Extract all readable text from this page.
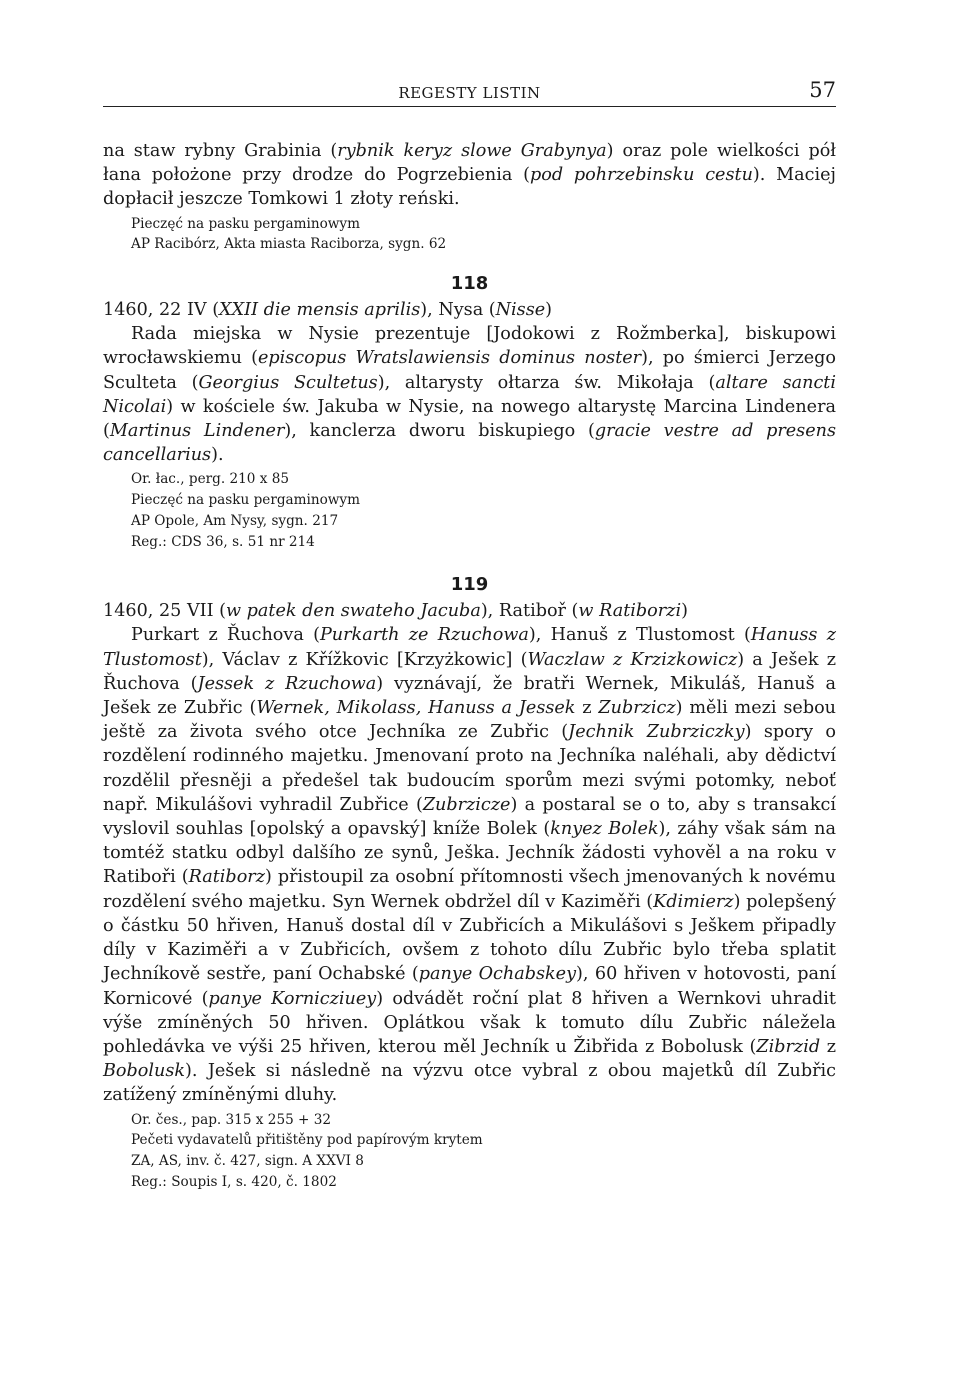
REGESTY LISTIN	57

na staw rybny Grabinia (rybnik keryz slowe Grabynya) oraz pole wielkości pół łana położone przy drodze do Pogrzebienia (pod pohrzebinsku cestu). Maciej dopłacił jeszcze Tomkowi 1 złoty reński.

Pieczęć na pasku pergaminowym
AP Racibórz, Akta miasta Raciborza, sygn. 62
118

1460, 22 IV (XXII die mensis aprilis), Nysa (Nisse)

Rada miejska w Nysie prezentuje [Jodokowi z Rožmberka], biskupowi wrocławskiemu (episcopus Wratslawiensis dominus noster), po śmierci Jerzego Sculteta (Georgius Scultetus), altarysty ołtarza św. Mikołaja (altare sancti Nicolai) w kościele św. Jakuba w Nysie, na nowego altarystę Marcina Lindenera (Martinus Lindener), kanclerza dworu biskupiego (gracie vestre ad presens cancellarius).

Or. łac., perg. 210 x 85
Pieczęć na pasku pergaminowym
AP Opole, Am Nysy, sygn. 217
Reg.: CDS 36, s. 51 nr 214
119

1460, 25 VII (w patek den swateho Jacuba), Ratiboř (w Ratiborzi)

Purkart z Řuchova (Purkarth ze Rzuchowa), Hanuš z Tlustomost (Hanuss z Tlustomost), Václav z Křížkovic [Krzyżkowic] (Waczlaw z Krzizkowicz) a Ješek z Řuchova (Jessek z Rzuchowa) vyznávají, že bratři Wernek, Mikuláš, Hanuš a Ješek ze Zubřic (Wernek, Mikolass, Hanuss a Jessek z Zubrzicz) měli mezi sebou ještě za života svého otce Jechníka ze Zubřic (Jechnik Zubrziczky) spory o rozdělení rodinného majetku. Jmenovaní proto na Jechníka naléhali, aby dědictví rozdělil přesněji a předešel tak budoucím sporům mezi svými potomky, neboť např. Mikulášovi vyhradil Zubřice (Zubrzicze) a postaral se o to, aby s transakcí vyslovil souhlas [opolský a opavský] kníže Bolek (knyez Bolek), záhy však sám na tomtéž statku odbyl dalšího ze synů, Ješka. Jechník žádosti vyhověl a na roku v Ratiboři (Ratiborz) přistoupil za osobní přítomnosti všech jmenovaných k novému rozdělení svého majetku. Syn Wernek obdržel díl v Kaziměři (Kdimierz) polepšený o částku 50 hřiven, Hanuš dostal díl v Zubřicích a Mikulášovi s Ješkem připadly díly v Kaziměři a v Zubřicích, ovšem z tohoto dílu Zubřic bylo třeba splatit Jechníkově sestře, paní Ochabské (panye Ochabskey), 60 hřiven v hotovosti, paní Kornicové (panye Kornicziuey) odvádět roční plat 8 hřiven a Wernkovi uhradit výše zmíněných 50 hřiven. Oplátkou však k tomuto dílu Zubřic náležela pohledávka ve výši 25 hřiven, kterou měl Jechník u Žibřida z Bobolusk (Zibrzid z Bobolusk). Ješek si následně na výzvu otce vybral z obou majetků díl Zubřic zatížený zmíněnými dluhy.

Or. čes., pap. 315 x 255 + 32
Pečeti vydavatelů přitištěny pod papírovým krytem
ZA, AS, inv. č. 427, sign. A XXVI 8
Reg.: Soupis I, s. 420, č. 1802
